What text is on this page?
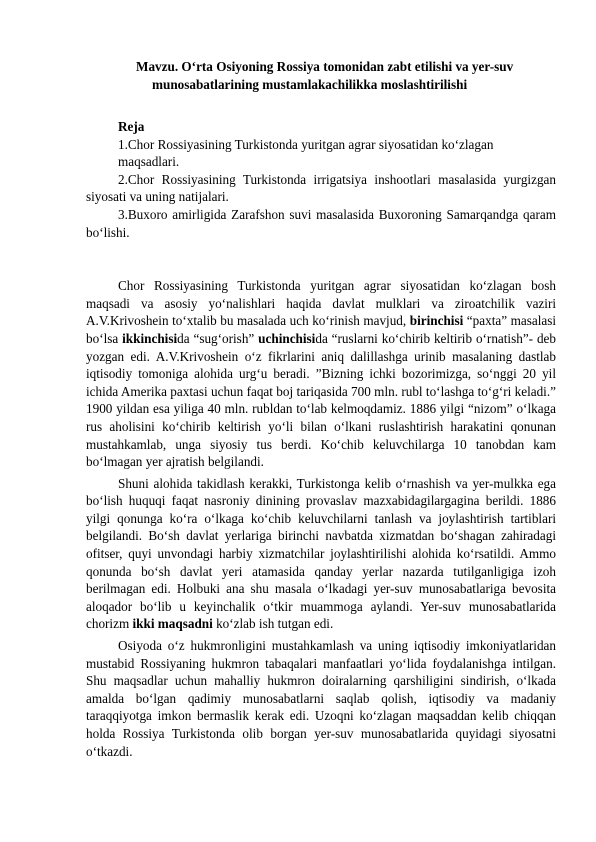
Mavzu. O‘rta Osiyoning Rossiya tomonidan zabt etilishi va yer-suv
munosabatlarining mustamlakachilikka moslashtirilishi
Reja
1.Chor Rossiyasining Turkistonda yuritgan agrar siyosatidan ko‘zlagan
maqsadlari.
2.Chor Rossiyasining Turkistonda irrigatsiya inshootlari masalasida yurgizgan siyosati va uning natijalari.
3.Buxoro amirligida Zarafshon suvi masalasida Buxoroning Samarqandga qaram bo‘lishi.

Chor Rossiyasining Turkistonda yuritgan agrar siyosatidan ko‘zlagan bosh maqsadi va asosiy yo‘nalishlari haqida davlat mulklari va ziroatchilik vaziri A.V.Krivoshein to‘xtalib bu masalada uch ko‘rinish mavjud, birinchisi “paxta” masalasi bo‘lsa ikkinchisida “sug‘orish” uchinchisida “ruslarni ko‘chirib keltirib o‘rnatish”- deb yozgan edi. A.V.Krivoshein o‘z fikrlarini aniq dalillashga urinib masalaning dastlab iqtisodiy tomoniga alohida urg‘u beradi. ”Bizning ichki bozorimizga, so‘nggi 20 yil ichida Amerika paxtasi uchun faqat boj tariqasida 700 mln. rubl to‘lashga to‘g‘ri keladi.” 1900 yildan esa yiliga 40 mln. rubldan to‘lab kelmoqdamiz. 1886 yilgi “nizom” o‘lkaga rus aholisini ko‘chirib keltirish yo‘li bilan o‘lkani ruslashtirish harakatini qonunan mustahkamlab, unga siyosiy tus berdi. Ko‘chib keluvchilarga 10 tanobdan kam bo‘lmagan yer ajratish belgilandi.

Shuni alohida takidlash kerakki, Turkistonga kelib o‘rnashish va yer-mulkka ega bo‘lish huquqi faqat nasroniy dinining provaslav mazxabidagilargagina berildi. 1886 yilgi qonunga ko‘ra o‘lkaga ko‘chib keluvchilarni tanlash va joylashtirish tartiblari belgilandi. Bo‘sh davlat yerlariga birinchi navbatda xizmatdan bo‘shagan zahiradagi ofitser, quyi unvondagi harbiy xizmatchilar joylashtirilishi alohida ko‘rsatildi. Ammo qonunda bo‘sh davlat yeri atamasida qanday yerlar nazarda tutilganligiga izoh berilmagan edi. Holbuki ana shu masala o‘lkadagi yer-suv munosabatlariga bevosita aloqador bo‘lib u keyinchalik o‘tkir muammoga aylandi. Yer-suv munosabatlarida chorizm ikki maqsadni ko‘zlab ish tutgan edi.

Osiyoda o‘z hukmronligini mustahkamlash va uning iqtisodiy imkoniyatlaridan mustabid Rossiyaning hukmron tabaqalari manfaatlari yo‘lida foydalanishga intilgan. Shu maqsadlar uchun mahalliy hukmron doiralarning qarshiligini sindirish, o‘lkada amalda bo‘lgan qadimiy munosabatlarni saqlab qolish, iqtisodiy va madaniy taraqqiyotga imkon bermaslik kerak edi. Uzoqni ko‘zlagan maqsaddan kelib chiqqan holda Rossiya Turkistonda olib borgan yer-suv munosabatlarida quyidagi siyosatni o‘tkazdi.
